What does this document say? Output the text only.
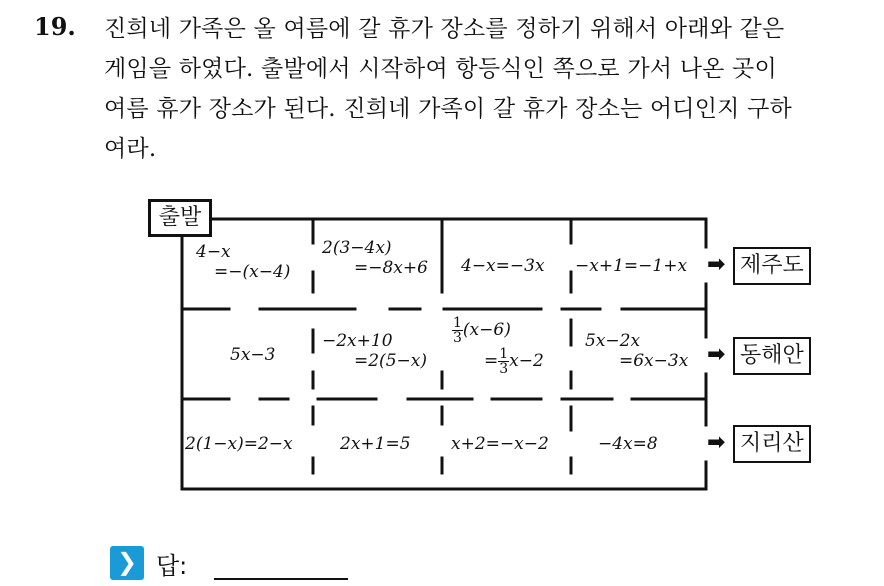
19. 진희네 가족은 올 여름에 갈 휴가 장소를 정하기 위해서 아래와 같은
게임을 하였다. 출발에서 시작하여 항등식인 쪽으로 가서 나온 곳이
여름 휴가 장소가 된다. 진희네 가족이 갈 휴가 장소는 어디인지 구하
여라.
출발
4−x
=−(x−4)
2(3−4x)
=−8x+6 4−x=−3x −x+1=−1+x
5x−3
−2x+10
=2(5−x)
$\frac{1}{3} (x-6)$
= $\frac{1}{3} x-2$
5x−2x
=6x−3x
2(1−x)=2−x	2x+1=5 x+2=−x−2	−4x=8
➡ 제주도
➡ 동해안
➡ 지리산
❯ 답:
